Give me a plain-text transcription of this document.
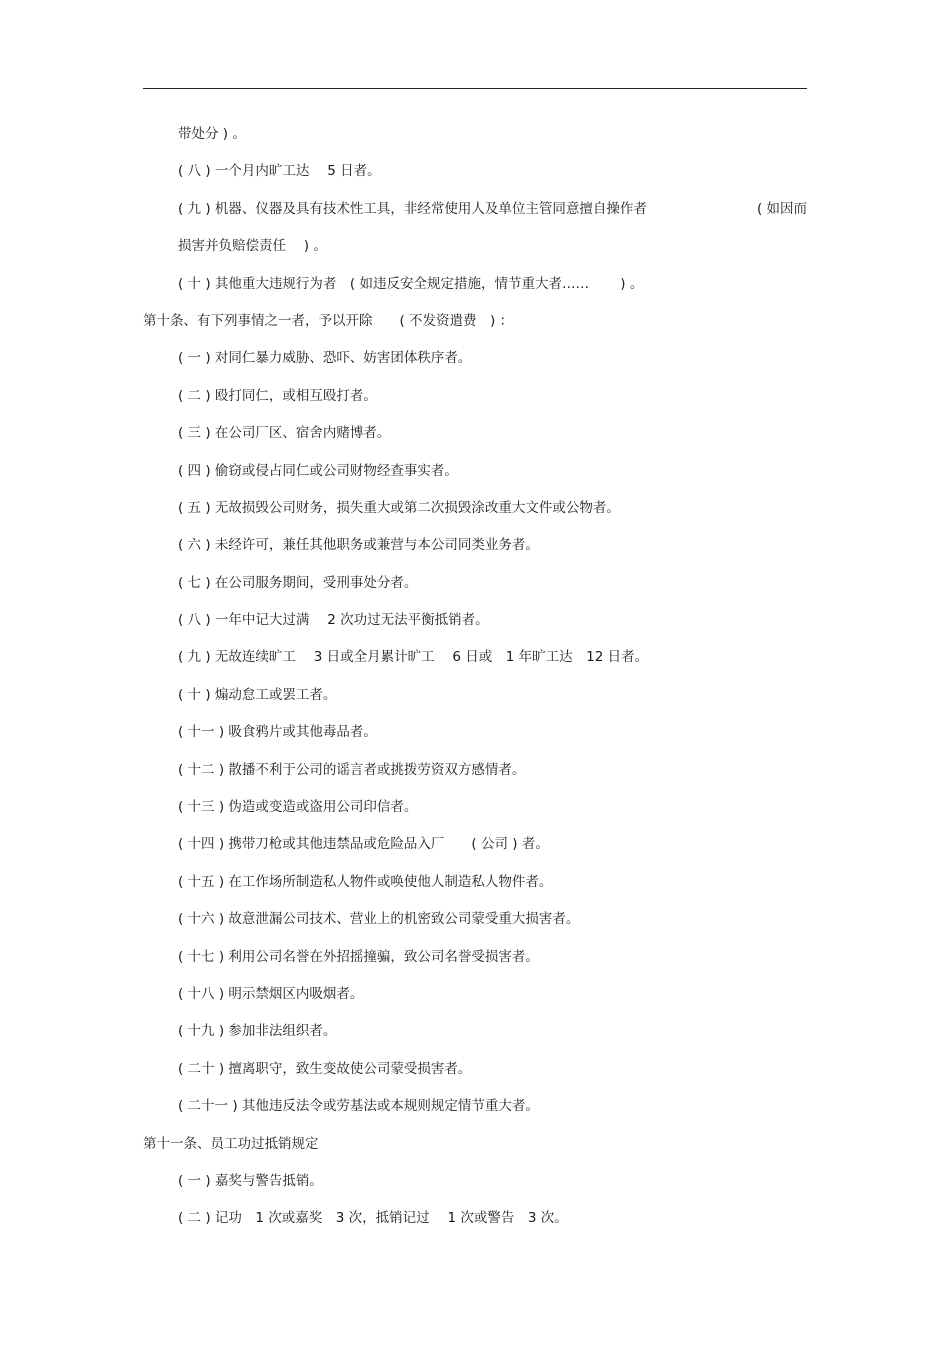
带处分 ) 。
( 八 ) 一个月内旷工达　 5 日者。
( 九 ) 机器、仪器及具有技术性工具，非经常使用人及单位主管同意擅自操作者	( 如因而
损害并负赔偿责任　 ) 。
( 十 ) 其他重大违规行为者　( 如违反安全规定措施，情节重大者……　　 ) 。
第十条、有下列事情之一者，予以开除　　( 不发资遣费　) ：
( 一 ) 对同仁暴力威胁、恐吓、妨害团体秩序者。
( 二 ) 殴打同仁，或相互殴打者。
( 三 ) 在公司厂区、宿舍内赌博者。
( 四 ) 偷窃或侵占同仁或公司财物经查事实者。
( 五 ) 无故损毁公司财务，损失重大或第二次损毁涂改重大文件或公物者。
( 六 ) 未经许可，兼任其他职务或兼营与本公司同类业务者。
( 七 ) 在公司服务期间，受刑事处分者。
( 八 ) 一年中记大过满　 2 次功过无法平衡抵销者。
( 九 ) 无故连续旷工　 3 日或全月累计旷工　 6 日或　1 年旷工达　12 日者。
( 十 ) 煽动怠工或罢工者。
( 十一 ) 吸食鸦片或其他毒品者。
( 十二 ) 散播不利于公司的谣言者或挑拨劳资双方感情者。
( 十三 ) 伪造或变造或盗用公司印信者。
( 十四 ) 携带刀枪或其他违禁品或危险品入厂　　( 公司 ) 者。
( 十五 ) 在工作场所制造私人物件或唤使他人制造私人物件者。
( 十六 ) 故意泄漏公司技术、营业上的机密致公司蒙受重大损害者。
( 十七 ) 利用公司名誉在外招摇撞骗，致公司名誉受损害者。
( 十八 ) 明示禁烟区内吸烟者。
( 十九 ) 参加非法组织者。
( 二十 ) 擅离职守，致生变故使公司蒙受损害者。
( 二十一 ) 其他违反法令或劳基法或本规则规定情节重大者。
第十一条、员工功过抵销规定
( 一 ) 嘉奖与警告抵销。
( 二 ) 记功　1 次或嘉奖　3 次，抵销记过　 1 次或警告　3 次。
